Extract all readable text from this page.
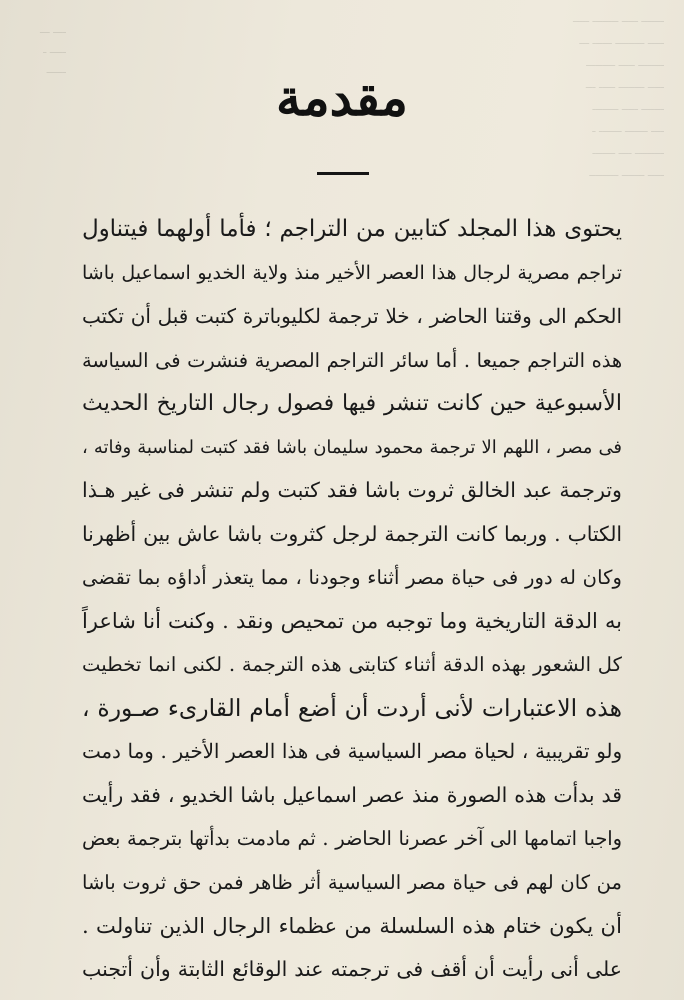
ـــــــ ـــــ ــــــــ ـــــ
ـــــ ـــــــــ ــــــ ـــ
ــــــــ ـــــ ـــــــــ
ـــــ ــــــــ ـــــ ـــ
ـــــــ ـــــ ــــــــ
ــــ ـــــــ ـــــــ ـ
ـــــــــ ــــ ـــــــ
ـــــ ـــــــ ـــــــــ
ــــ ـــ
ـــــ ـ
ــــــ	مقدمة
يحتوى هذا المجلد كتابين من التراجم ؛ فأما أولهما فيتناول
تراجم مصرية لرجال هذا العصر الأخير منذ ولاية الخديو اسماعيل باشا
الحكم الى وقتنا الحاضر ، خلا ترجمة لكليوباترة كتبت قبل أن تكتب
هذه التراجم جميعا . أما سائر التراجم المصرية فنشرت فى السياسة
الأسبوعية حين كانت تنشر فيها فصول رجال التاريخ الحديث
فى مصر ، اللهم الا ترجمة محمود سليمان باشا فقد كتبت لمناسبة وفاته ،
وترجمة عبد الخالق ثروت باشا فقد كتبت ولم تنشر فى غير هـذا
الكتاب . وربما كانت الترجمة لرجل كثروت باشا عاش بين أظهرنا
وكان له دور فى حياة مصر أثناء وجودنا ، مما يتعذر أداؤه بما تقضى
به الدقة التاريخية وما توجبه من تمحيص ونقد . وكنت أنا شاعراً
كل الشعور بهذه الدقة أثناء كتابتى هذه الترجمة . لكنى انما تخطيت
هذه الاعتبارات لأنى أردت أن أضع أمام القارىء صـورة ،
ولو تقريبية ، لحياة مصر السياسية فى هذا العصر الأخير . وما دمت
قد بدأت هذه الصورة منذ عصر اسماعيل باشا الخديو ، فقد رأيت
واجبا اتمامها الى آخر عصرنا الحاضر . ثم مادمت بدأتها بترجمة بعض
من كان لهم فى حياة مصر السياسية أثر ظاهر فمن حق ثروت باشا
أن يكون ختام هذه السلسلة من عظماء الرجال الذين تناولت .
على أنى رأيت أن أقف فى ترجمته عند الوقائع الثابتة وأن أتجنب
